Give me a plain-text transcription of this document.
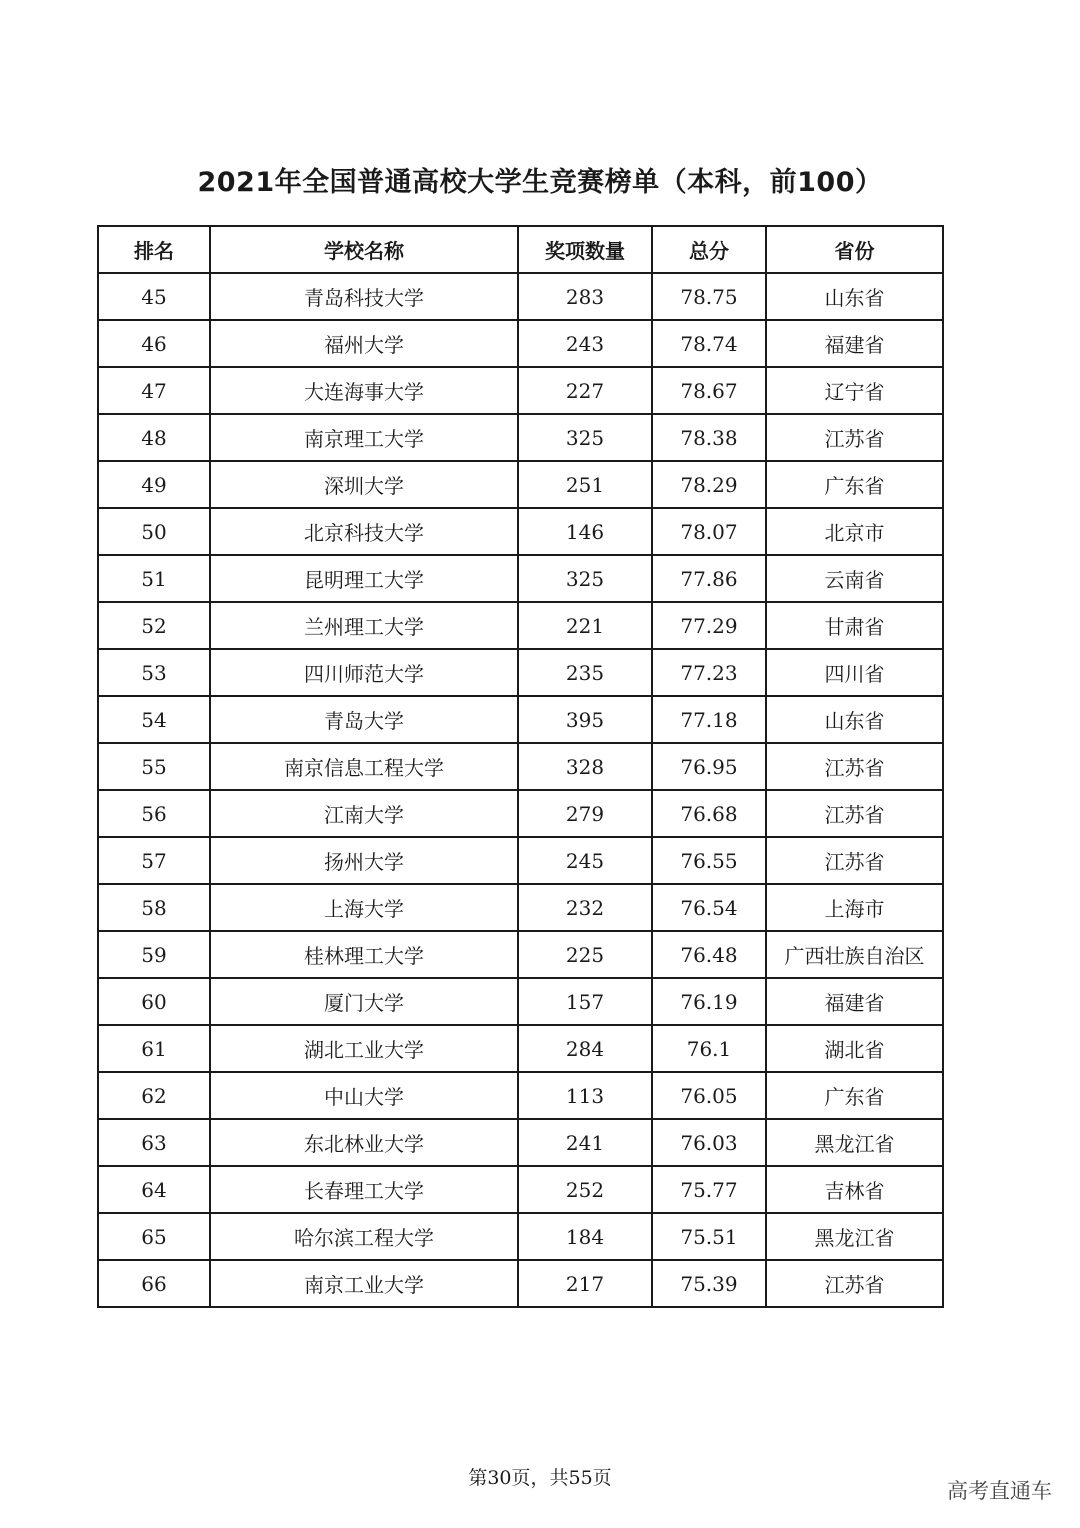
2021年全国普通高校大学生竞赛榜单（本科，前100）
排名	学校名称	奖项数量	总分	省份
45	青岛科技大学	283	78.75	山东省
46	福州大学	243	78.74	福建省
47	大连海事大学	227	78.67	辽宁省
48	南京理工大学	325	78.38	江苏省
49	深圳大学	251	78.29	广东省
50	北京科技大学	146	78.07	北京市
51	昆明理工大学	325	77.86	云南省
52	兰州理工大学	221	77.29	甘肃省
53	四川师范大学	235	77.23	四川省
54	青岛大学	395	77.18	山东省
55	南京信息工程大学	328	76.95	江苏省
56	江南大学	279	76.68	江苏省
57	扬州大学	245	76.55	江苏省
58	上海大学	232	76.54	上海市
59	桂林理工大学	225	76.48	广西壮族自治区
60	厦门大学	157	76.19	福建省
61	湖北工业大学	284	76.1	湖北省
62	中山大学	113	76.05	广东省
63	东北林业大学	241	76.03	黑龙江省
64	长春理工大学	252	75.77	吉林省
65	哈尔滨工程大学	184	75.51	黑龙江省
66	南京工业大学	217	75.39	江苏省
第30页，共55页
高考直通车
